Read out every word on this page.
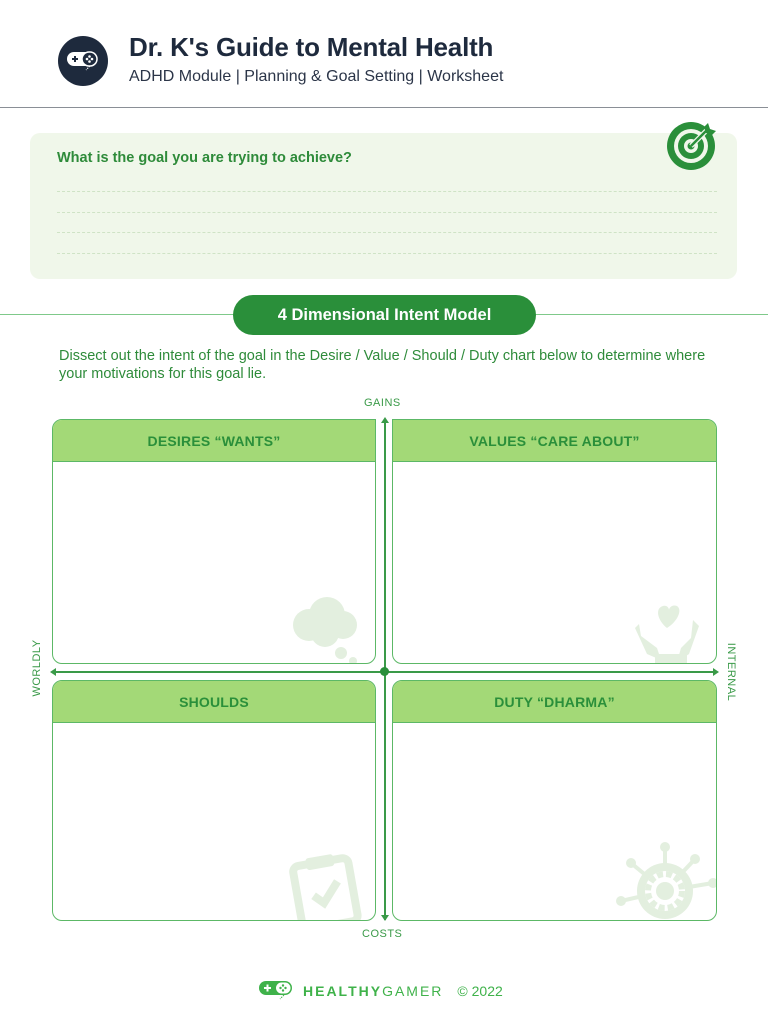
Dr. K's Guide to Mental Health
ADHD Module | Planning & Goal Setting | Worksheet
What is the goal you are trying to achieve?
4 Dimensional Intent Model
Dissect out the intent of the goal in the Desire / Value / Should / Duty chart below to determine where your motivations for this goal lie.
GAINS
COSTS
WORLDLY	INTERNAL
DESIRES “WANTS”	VALUES “CARE ABOUT”
SHOULDS	DUTY “DHARMA”
HEALTHY GAMER © 2022
